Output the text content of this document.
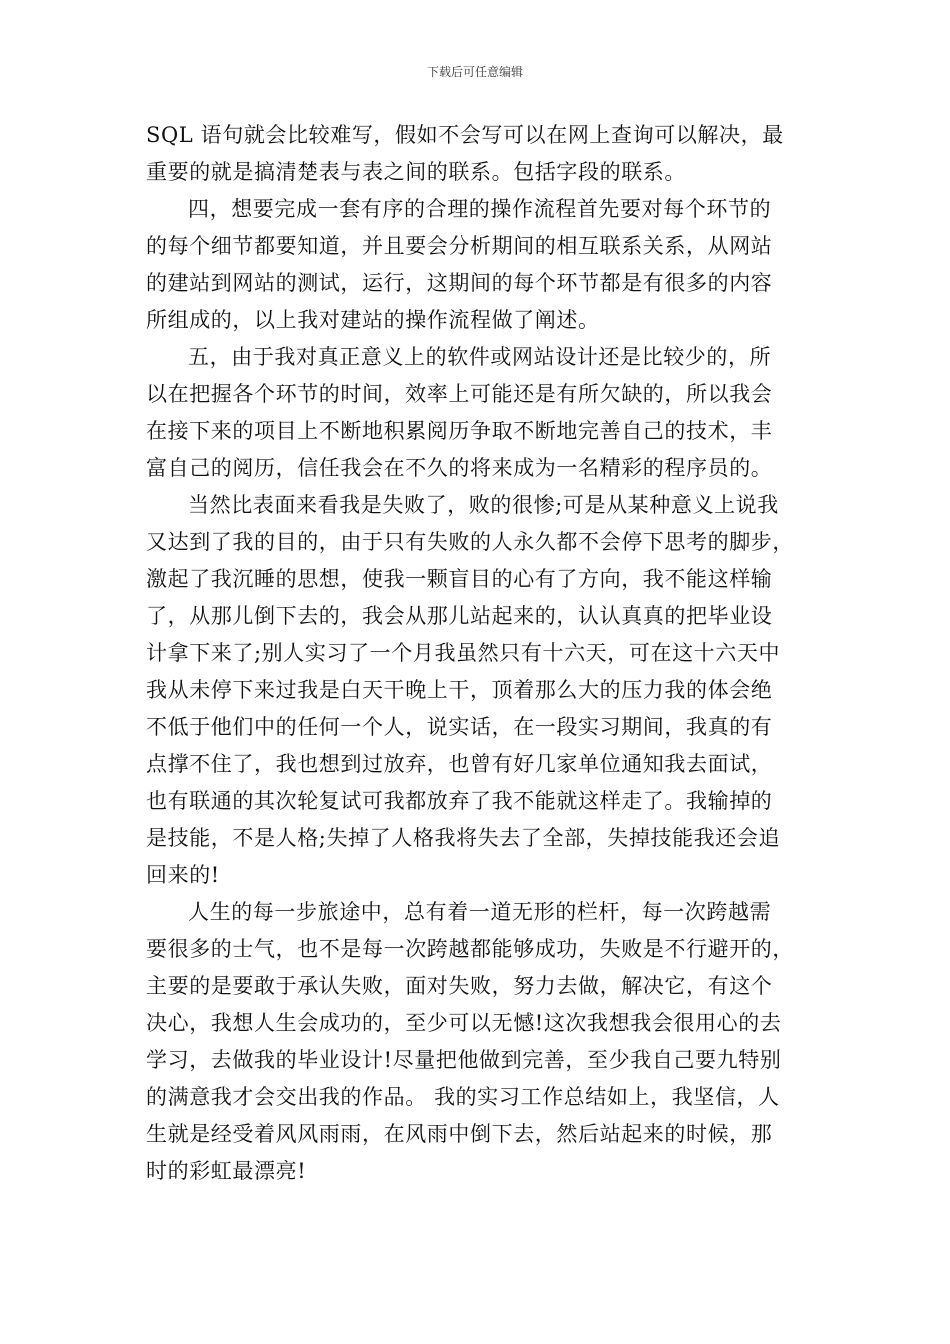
下载后可任意编辑
SQL 语句就会比较难写，假如不会写可以在网上查询可以解决，最
重要的就是搞清楚表与表之间的联系。包括字段的联系。
四，想要完成一套有序的合理的操作流程首先要对每个环节的
的每个细节都要知道，并且要会分析期间的相互联系关系，从网站
的建站到网站的测试，运行，这期间的每个环节都是有很多的内容
所组成的，以上我对建站的操作流程做了阐述。
五，由于我对真正意义上的软件或网站设计还是比较少的，所
以在把握各个环节的时间，效率上可能还是有所欠缺的，所以我会
在接下来的项目上不断地积累阅历争取不断地完善自己的技术，丰
富自己的阅历，信任我会在不久的将来成为一名精彩的程序员的。
当然比表面来看我是失败了，败的很惨;可是从某种意义上说我
又达到了我的目的，由于只有失败的人永久都不会停下思考的脚步，
激起了我沉睡的思想，使我一颗盲目的心有了方向，我不能这样输
了，从那儿倒下去的，我会从那儿站起来的，认认真真的把毕业设
计拿下来了;别人实习了一个月我虽然只有十六天，可在这十六天中
我从未停下来过我是白天干晚上干，顶着那么大的压力我的体会绝
不低于他们中的任何一个人，说实话，在一段实习期间，我真的有
点撑不住了，我也想到过放弃，也曾有好几家单位通知我去面试，
也有联通的其次轮复试可我都放弃了我不能就这样走了。我输掉的
是技能，不是人格;失掉了人格我将失去了全部，失掉技能我还会追
回来的!
人生的每一步旅途中，总有着一道无形的栏杆，每一次跨越需
要很多的士气，也不是每一次跨越都能够成功，失败是不行避开的，
主要的是要敢于承认失败，面对失败，努力去做，解决它，有这个
决心，我想人生会成功的，至少可以无憾!这次我想我会很用心的去
学习，去做我的毕业设计!尽量把他做到完善，至少我自己要九特别
的满意我才会交出我的作品。 我的实习工作总结如上，我坚信，人
生就是经受着风风雨雨，在风雨中倒下去，然后站起来的时候，那
时的彩虹最漂亮!
